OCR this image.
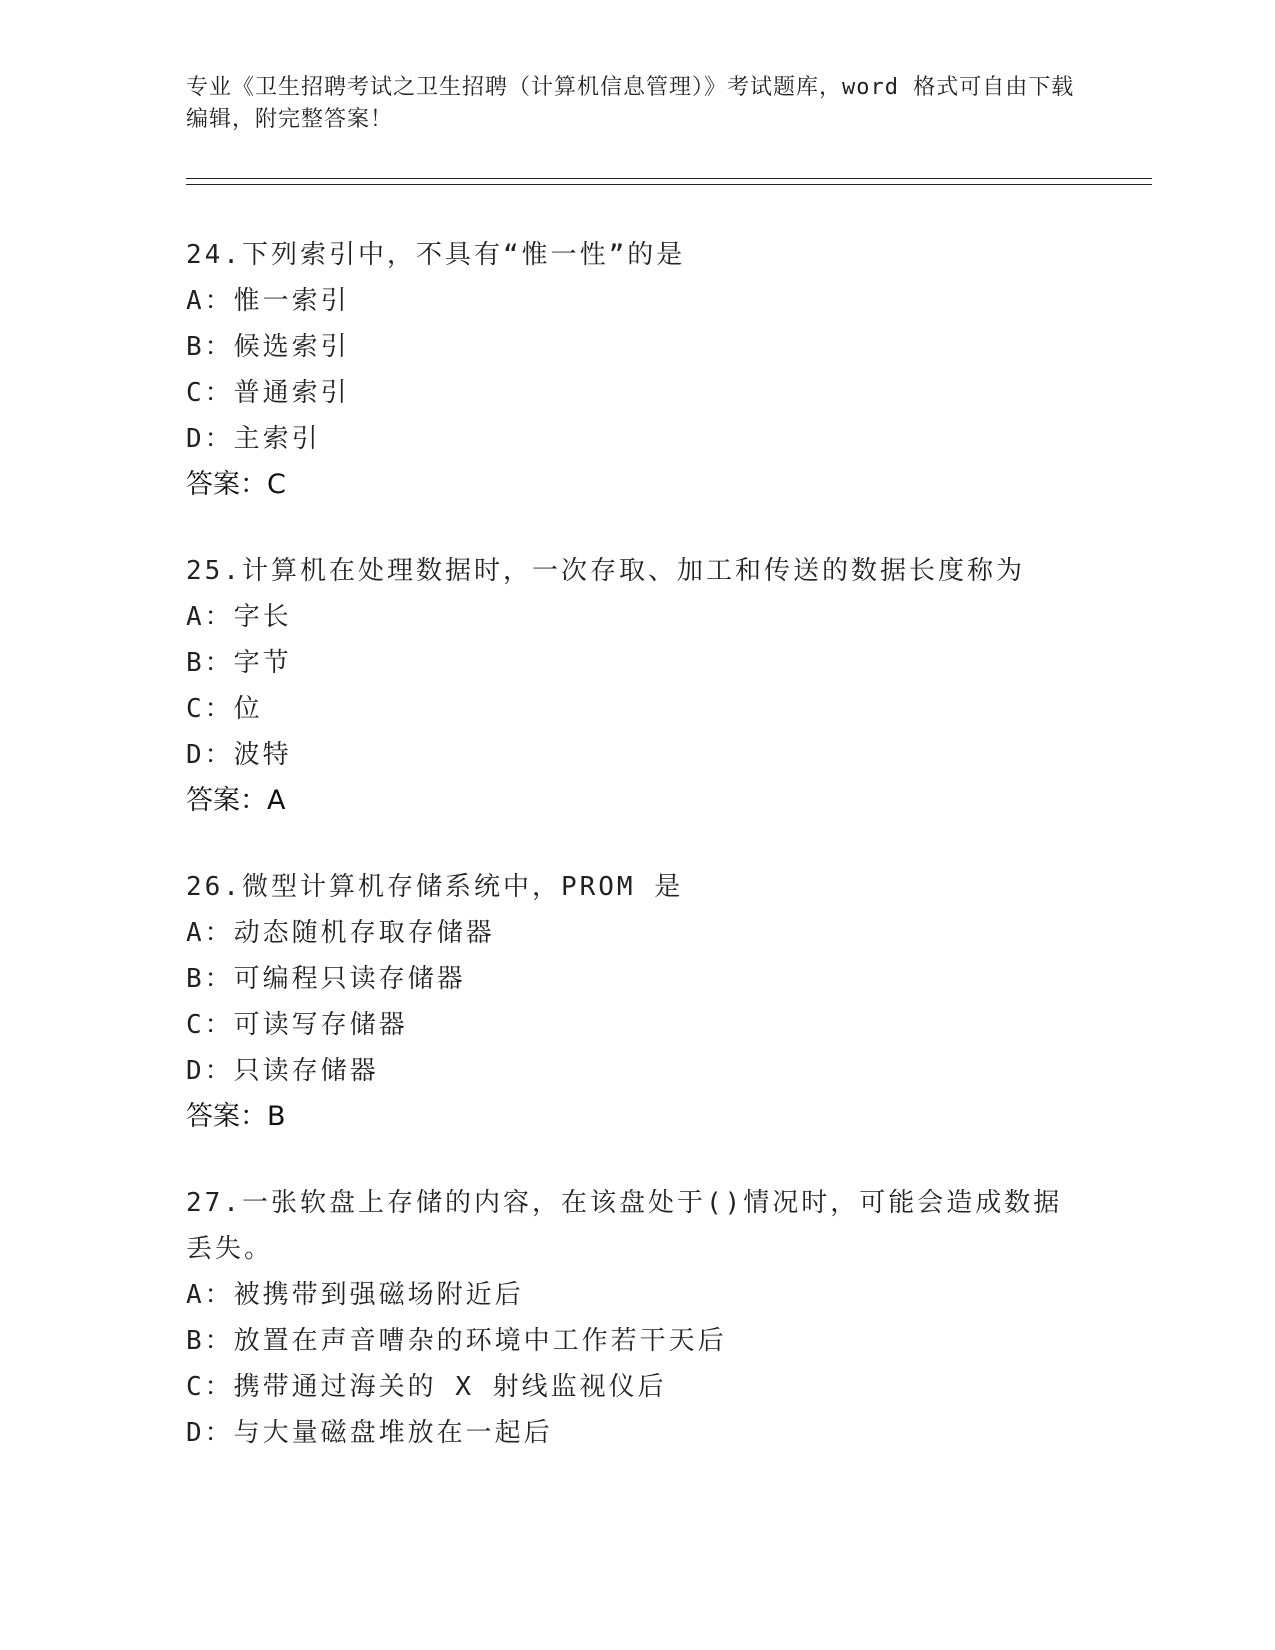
专业《卫生招聘考试之卫生招聘（计算机信息管理）》考试题库，word 格式可自由下载编辑，附完整答案！
24.下列索引中，不具有“惟一性”的是
A：惟一索引
B：候选索引
C：普通索引
D：主索引
答案：C
25.计算机在处理数据时，一次存取、加工和传送的数据长度称为
A：字长
B：字节
C：位
D：波特
答案：A
26.微型计算机存储系统中，PROM 是
A：动态随机存取存储器
B：可编程只读存储器
C：可读写存储器
D：只读存储器
答案：B
27.一张软盘上存储的内容，在该盘处于()情况时，可能会造成数据丢失。
A：被携带到强磁场附近后
B：放置在声音嘈杂的环境中工作若干天后
C：携带通过海关的 X 射线监视仪后
D：与大量磁盘堆放在一起后
